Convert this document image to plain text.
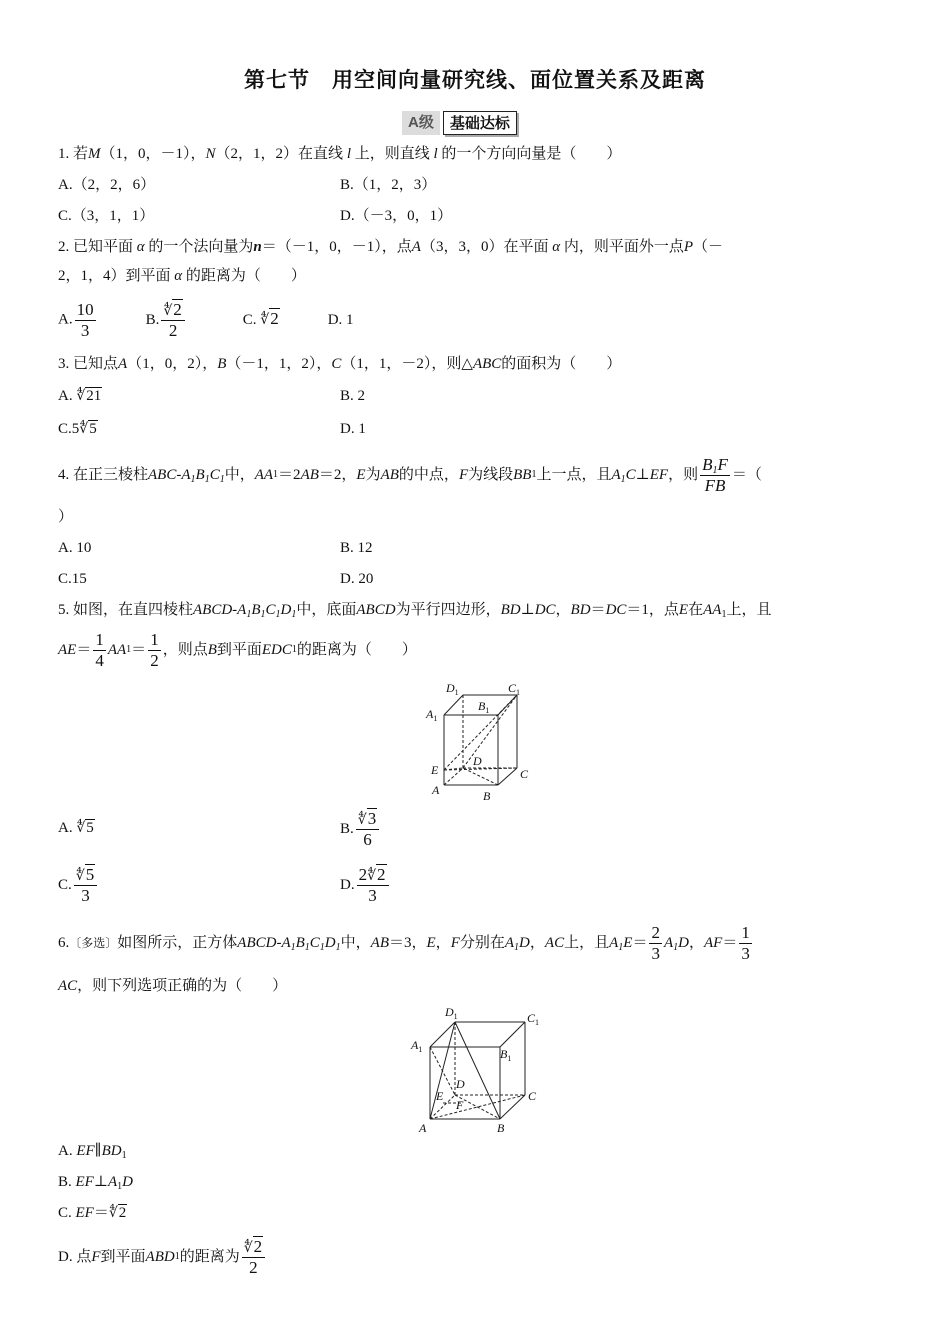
第七节　用空间向量研究线、面位置关系及距离
A级	基础达标
1. 若M（1，0，－1），N（2，1，2）在直线 l 上，则直线 l 的一个方向向量是（　　）
A.（2，2，6）	B.（1，2，3）
C.（3，1，1）	D.（－3，0，1）
2. 已知平面 α 的一个法向量为n＝（－1，0，－1），点A（3，3，0）在平面 α 内，则平面外一点P（－
2，1，4）到平面 α 的距离为（　　）
A. $\frac{10}{3}$	B. $\frac{∜2}{2}$	C. ∜2	D. 1
3. 已知点A（1，0，2），B（－1，1，2），C（1，1，－2），则△ABC的面积为（　　）
A. ∜21	B. 2
C.5∜5	D. 1
4. 在正三棱柱 ABC-$A_1B_1C_1$ 中， AA 1 ＝2 AB ＝2， E 为 AB 的中点， F 为线段 BB 1 上一点，且 $A_1C$ ⊥ EF ，则 $\frac{B_1F}{FB}$ ＝（
）
A. 10	B. 12
C.15	D. 20
5. 如图，在直四棱柱ABCD-$A_1B_1C_1D_1$中，底面ABCD为平行四边形，BD⊥DC，BD＝DC＝1，点E在$AA_1$上，且
AE ＝ $\frac{1}{4}$ AA $1 = \frac{1}{2}$ ，则点 B 到平面 EDC 1 的距离为（　　）
$D_1$	$C_1$
$A_1$
$B_1$
E
D
C
A	B
A. ∜5	B. $\frac{∜3}{6}$
C. $\frac{∜5}{3}$	D. $\frac{2∜2}{3}$
6. 〔多选〕 如图所示，正方体 ABCD-$A_1B_1C_1D_1$ 中， AB ＝3， E ， F 分别在 $A_1D$ ， AC 上，且 $A_1E = \frac{2}{3} A_1D$ ， AF ＝ $\frac{1}{3}$
AC，则下列选项正确的为（　　）
$D_1$	$C_1$
$A_1$	$B_1$
D
E
F
C
A	B
A. $EF\parallel BD_1$
B. $EF\perp A_1D$
C. EF＝∜2
D. 点 F 到平面 ABD 1 的距离为 $\frac{∜2}{2}$
